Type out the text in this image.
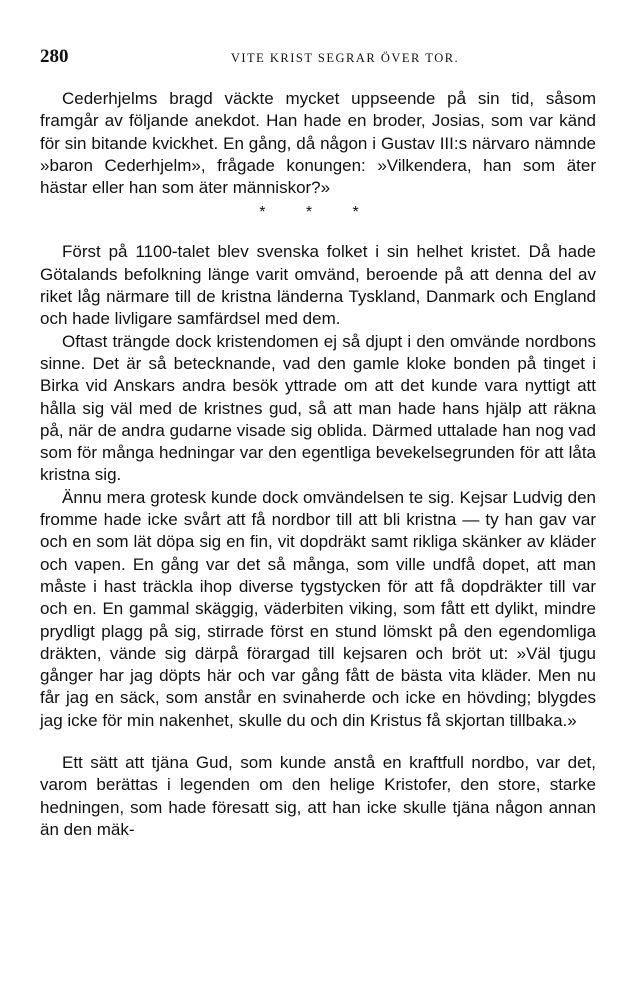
280	VITE KRIST SEGRAR ÖVER TOR.

Cederhjelms bragd väckte mycket uppseende på sin tid, såsom framgår av följande anekdot. Han hade en broder, Josias, som var känd för sin bitande kvickhet. En gång, då någon i Gustav III:s närvaro nämnde »baron Cederhjelm», frågade konungen: »Vilkendera, han som äter hästar eller han som äter människor?»

* * *

Först på 1100-talet blev svenska folket i sin helhet kristet. Då hade Götalands befolkning länge varit omvänd, beroende på att denna del av riket låg närmare till de kristna länderna Tyskland, Danmark och England och hade livligare samfärdsel med dem.

Oftast trängde dock kristendomen ej så djupt i den omvände nordbons sinne. Det är så betecknande, vad den gamle kloke bonden på tinget i Birka vid Anskars andra besök yttrade om att det kunde vara nyttigt att hålla sig väl med de kristnes gud, så att man hade hans hjälp att räkna på, när de andra gudarne visade sig oblida. Därmed uttalade han nog vad som för många hedningar var den egentliga bevekelsegrunden för att låta kristna sig.

Ännu mera grotesk kunde dock omvändelsen te sig. Kejsar Ludvig den fromme hade icke svårt att få nordbor till att bli kristna — ty han gav var och en som lät döpa sig en fin, vit dopdräkt samt rikliga skänker av kläder och vapen. En gång var det så många, som ville undfå dopet, att man måste i hast träckla ihop diverse tygstycken för att få dopdräkter till var och en. En gammal skäggig, väderbiten viking, som fått ett dylikt, mindre prydligt plagg på sig, stirrade först en stund lömskt på den egendomliga dräkten, vände sig därpå förargad till kejsaren och bröt ut: »Väl tjugu gånger har jag döpts här och var gång fått de bästa vita kläder. Men nu får jag en säck, som anstår en svinaherde och icke en hövding; blygdes jag icke för min nakenhet, skulle du och din Kristus få skjortan tillbaka.»

Ett sätt att tjäna Gud, som kunde anstå en kraftfull nordbo, var det, varom berättas i legenden om den helige Kristofer, den store, starke hedningen, som hade föresatt sig, att han icke skulle tjäna någon annan än den mäk-
